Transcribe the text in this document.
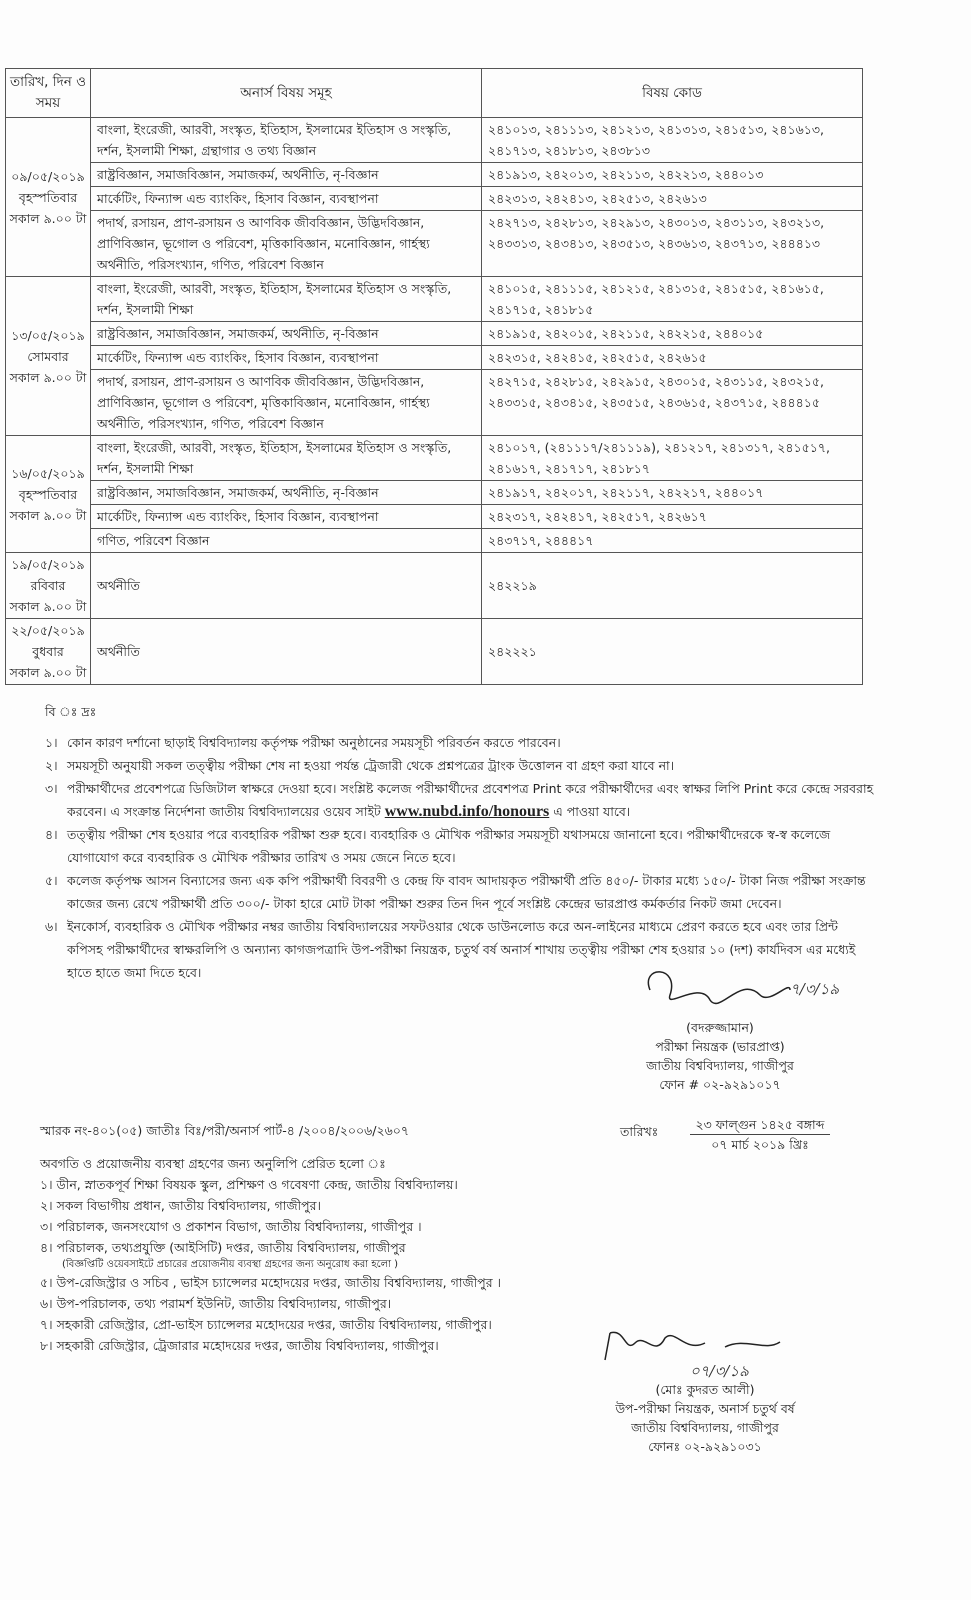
তারিখ, দিন ও সময়	অনার্স বিষয় সমূহ	বিষয় কোড

০৯/০৫/২০১৯
বৃহস্পতিবার
সকাল ৯.০০ টা	বাংলা, ইংরেজী, আরবী, সংস্কৃত, ইতিহাস, ইসলামের ইতিহাস ও সংস্কৃতি, দর্শন, ইসলামী শিক্ষা, গ্রন্থাগার ও তথ্য বিজ্ঞান	২৪১০১৩, ২৪১১১৩, ২৪১২১৩, ২৪১৩১৩, ২৪১৫১৩, ২৪১৬১৩, ২৪১৭১৩, ২৪১৮১৩, ২৪৩৮১৩
	রাষ্ট্রবিজ্ঞান, সমাজবিজ্ঞান, সমাজকর্ম, অর্থনীতি, নৃ-বিজ্ঞান	২৪১৯১৩, ২৪২০১৩, ২৪২১১৩, ২৪২২১৩, ২৪৪০১৩
	মার্কেটিং, ফিন্যান্স এন্ড ব্যাংকিং, হিসাব বিজ্ঞান, ব্যবস্থাপনা	২৪২৩১৩, ২৪২৪১৩, ২৪২৫১৩, ২৪২৬১৩
	পদার্থ, রসায়ন, প্রাণ-রসায়ন ও আণবিক জীববিজ্ঞান, উদ্ভিদবিজ্ঞান, প্রাণিবিজ্ঞান, ভূগোল ও পরিবেশ, মৃত্তিকাবিজ্ঞান, মনোবিজ্ঞান, গার্হস্থ্য অর্থনীতি, পরিসংখ্যান, গণিত, পরিবেশ বিজ্ঞান	২৪২৭১৩, ২৪২৮১৩, ২৪২৯১৩, ২৪৩০১৩, ২৪৩১১৩, ২৪৩২১৩, ২৪৩৩১৩, ২৪৩৪১৩, ২৪৩৫১৩, ২৪৩৬১৩, ২৪৩৭১৩, ২৪৪৪১৩

১৩/০৫/২০১৯
সোমবার
সকাল ৯.০০ টা	বাংলা, ইংরেজী, আরবী, সংস্কৃত, ইতিহাস, ইসলামের ইতিহাস ও সংস্কৃতি, দর্শন, ইসলামী শিক্ষা	২৪১০১৫, ২৪১১১৫, ২৪১২১৫, ২৪১৩১৫, ২৪১৫১৫, ২৪১৬১৫, ২৪১৭১৫, ২৪১৮১৫
	রাষ্ট্রবিজ্ঞান, সমাজবিজ্ঞান, সমাজকর্ম, অর্থনীতি, নৃ-বিজ্ঞান	২৪১৯১৫, ২৪২০১৫, ২৪২১১৫, ২৪২২১৫, ২৪৪০১৫
	মার্কেটিং, ফিন্যান্স এন্ড ব্যাংকিং, হিসাব বিজ্ঞান, ব্যবস্থাপনা	২৪২৩১৫, ২৪২৪১৫, ২৪২৫১৫, ২৪২৬১৫
	পদার্থ, রসায়ন, প্রাণ-রসায়ন ও আণবিক জীববিজ্ঞান, উদ্ভিদবিজ্ঞান, প্রাণিবিজ্ঞান, ভূগোল ও পরিবেশ, মৃত্তিকাবিজ্ঞান, মনোবিজ্ঞান, গার্হস্থ্য অর্থনীতি, পরিসংখ্যান, গণিত, পরিবেশ বিজ্ঞান	২৪২৭১৫, ২৪২৮১৫, ২৪২৯১৫, ২৪৩০১৫, ২৪৩১১৫, ২৪৩২১৫, ২৪৩৩১৫, ২৪৩৪১৫, ২৪৩৫১৫, ২৪৩৬১৫, ২৪৩৭১৫, ২৪৪৪১৫

১৬/০৫/২০১৯
বৃহস্পতিবার
সকাল ৯.০০ টা	বাংলা, ইংরেজী, আরবী, সংস্কৃত, ইতিহাস, ইসলামের ইতিহাস ও সংস্কৃতি, দর্শন, ইসলামী শিক্ষা	২৪১০১৭, (২৪১১১৭/২৪১১১৯), ২৪১২১৭, ২৪১৩১৭, ২৪১৫১৭, ২৪১৬১৭, ২৪১৭১৭, ২৪১৮১৭
	রাষ্ট্রবিজ্ঞান, সমাজবিজ্ঞান, সমাজকর্ম, অর্থনীতি, নৃ-বিজ্ঞান	২৪১৯১৭, ২৪২০১৭, ২৪২১১৭, ২৪২২১৭, ২৪৪০১৭
	মার্কেটিং, ফিন্যান্স এন্ড ব্যাংকিং, হিসাব বিজ্ঞান, ব্যবস্থাপনা	২৪২৩১৭, ২৪২৪১৭, ২৪২৫১৭, ২৪২৬১৭
	গণিত, পরিবেশ বিজ্ঞান	২৪৩৭১৭, ২৪৪৪১৭

১৯/০৫/২০১৯
রবিবার
সকাল ৯.০০ টা	অর্থনীতি	২৪২২১৯

২২/০৫/২০১৯
বুধবার
সকাল ৯.০০ টা	অর্থনীতি	২৪২২২১
বি ঃ দ্রঃ
১। কোন কারণ দর্শানো ছাড়াই বিশ্ববিদ্যালয় কর্তৃপক্ষ পরীক্ষা অনুষ্ঠানের সময়সূচী পরিবর্তন করতে পারবেন।
২। সময়সূচী অনুযায়ী সকল তত্ত্বীয় পরীক্ষা শেষ না হওয়া পর্যন্ত ট্রেজারী থেকে প্রশ্নপত্রের ট্রাংক উত্তোলন বা গ্রহণ করা যাবে না।
৩। পরীক্ষার্থীদের প্রবেশপত্রে ডিজিটাল স্বাক্ষরে দেওয়া হবে। সংশ্লিষ্ট কলেজ পরীক্ষার্থীদের প্রবেশপত্র Print করে পরীক্ষার্থীদের এবং স্বাক্ষর লিপি Print করে কেন্দ্রে সরবরাহ করবেন। এ সংক্রান্ত নির্দেশনা জাতীয় বিশ্ববিদ্যালয়ের ওয়েব সাইট www.nubd.info/honours এ পাওয়া যাবে।
৪। তত্ত্বীয় পরীক্ষা শেষ হওয়ার পরে ব্যবহারিক পরীক্ষা শুরু হবে। ব্যবহারিক ও মৌখিক পরীক্ষার সময়সূচী যথাসময়ে জানানো হবে। পরীক্ষার্থীদেরকে স্ব-স্ব কলেজে যোগাযোগ করে ব্যবহারিক ও মৌখিক পরীক্ষার তারিখ ও সময় জেনে নিতে হবে।
৫। কলেজ কর্তৃপক্ষ আসন বিন্যাসের জন্য এক কপি পরীক্ষার্থী বিবরণী ও কেন্দ্র ফি বাবদ আদায়কৃত পরীক্ষার্থী প্রতি ৪৫০/- টাকার মধ্যে ১৫০/- টাকা নিজ পরীক্ষা সংক্রান্ত কাজের জন্য রেখে পরীক্ষার্থী প্রতি ৩০০/- টাকা হারে মোট টাকা পরীক্ষা শুরুর তিন দিন পূর্বে সংশ্লিষ্ট কেন্দ্রের ভারপ্রাপ্ত কর্মকর্তার নিকট জমা দেবেন।
৬। ইনকোর্স, ব্যবহারিক ও মৌখিক পরীক্ষার নম্বর জাতীয় বিশ্ববিদ্যালয়ের সফটওয়ার থেকে ডাউনলোড করে অন-লাইনের মাধ্যমে প্রেরণ করতে হবে এবং তার প্রিন্ট কপিসহ পরীক্ষার্থীদের স্বাক্ষরলিপি ও অন্যান্য কাগজপত্রাদি উপ-পরীক্ষা নিয়ন্ত্রক, চতুর্থ বর্ষ অনার্স শাখায় তত্ত্বীয় পরীক্ষা শেষ হওয়ার ১০ (দশ) কার্যদিবস এর মধ্যেই হাতে হাতে জমা দিতে হবে।
৭/৩/১৯
(বদরুজ্জামান)
পরীক্ষা নিয়ন্ত্রক (ভারপ্রাপ্ত)
জাতীয় বিশ্ববিদ্যালয়, গাজীপুর
ফোন # ০২-৯২৯১০১৭
স্মারক নং-৪০১(০৫) জাতীঃ বিঃ/পরী/অনার্স পার্ট-৪ /২০০৪/২০০৬/২৬০৭	তারিখঃ	২৩ ফাল্গুন ১৪২৫ বঙ্গাব্দ
০৭ মার্চ ২০১৯ খ্রিঃ
অবগতি ও প্রয়োজনীয় ব্যবস্থা গ্রহণের জন্য অনুলিপি প্রেরিত হলো ঃ
১। ডীন, স্নাতকপূর্ব শিক্ষা বিষয়ক স্কুল, প্রশিক্ষণ ও গবেষণা কেন্দ্র, জাতীয় বিশ্ববিদ্যালয়।
২। সকল বিভাগীয় প্রধান, জাতীয় বিশ্ববিদ্যালয়, গাজীপুর।
৩। পরিচালক, জনসংযোগ ও প্রকাশন বিভাগ, জাতীয় বিশ্ববিদ্যালয়, গাজীপুর ।
৪। পরিচালক, তথ্যপ্রযুক্তি (আইসিটি) দপ্তর, জাতীয় বিশ্ববিদ্যালয়, গাজীপুর
(বিজ্ঞপ্তিটি ওয়েবসাইটে প্রচারের প্রয়োজনীয় ব্যবস্থা গ্রহণের জন্য অনুরোধ করা হলো )
৫। উপ-রেজিস্ট্রার ও সচিব , ভাইস চ্যান্সেলর মহোদয়ের দপ্তর, জাতীয় বিশ্ববিদ্যালয়, গাজীপুর ।
৬। উপ-পরিচালক, তথ্য পরামর্শ ইউনিট, জাতীয় বিশ্ববিদ্যালয়, গাজীপুর।
৭। সহকারী রেজিস্ট্রার, প্রো-ভাইস চ্যান্সেলর মহোদয়ের দপ্তর, জাতীয় বিশ্ববিদ্যালয়, গাজীপুর।
৮। সহকারী রেজিস্ট্রার, ট্রেজারার মহোদয়ের দপ্তর, জাতীয় বিশ্ববিদ্যালয়, গাজীপুর।
০৭/৩/১৯
(মোঃ কুদরত আলী)
উপ-পরীক্ষা নিয়ন্ত্রক, অনার্স চতুর্থ বর্ষ
জাতীয় বিশ্ববিদ্যালয়, গাজীপুর
ফোনঃ ০২-৯২৯১০৩১
